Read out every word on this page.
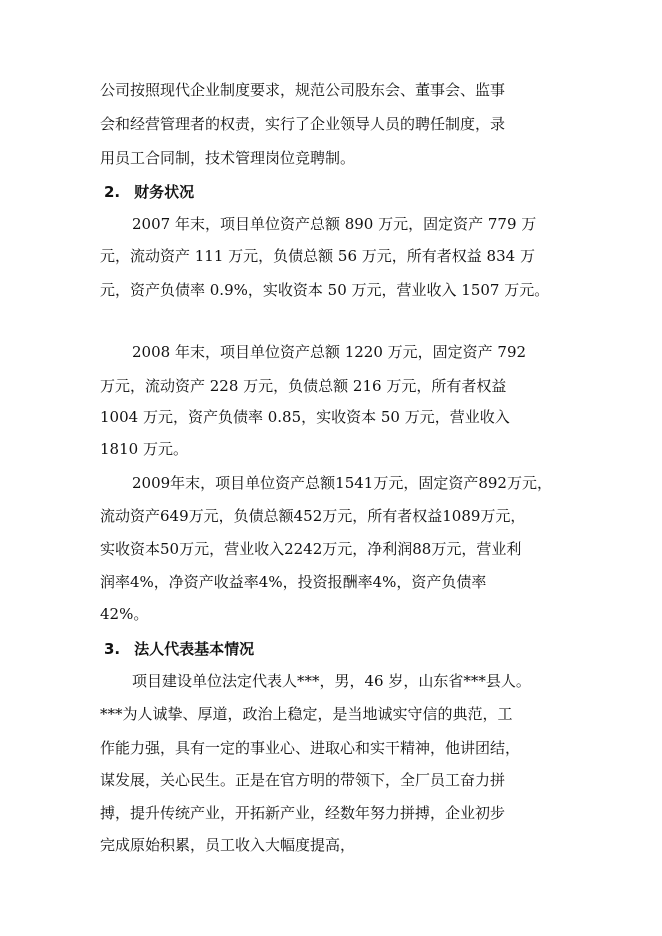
公司按照现代企业制度要求，规范公司股东会、董事会、监事
会和经营管理者的权责，实行了企业领导人员的聘任制度，录
用员工合同制，技术管理岗位竞聘制。
2. 财务状况
2007 年末，项目单位资产总额 890 万元，固定资产 779 万
元，流动资产 111 万元，负债总额 56 万元，所有者权益 834 万
元，资产负债率 0.9%，实收资本 50 万元，营业收入 1507 万元。
2008 年末，项目单位资产总额 1220 万元，固定资产 792
万元，流动资产 228 万元，负债总额 216 万元，所有者权益
1004 万元，资产负债率 0.85，实收资本 50 万元，营业收入
1810 万元。
2009年末，项目单位资产总额1541万元，固定资产892万元，
流动资产649万元，负债总额452万元，所有者权益1089万元，
实收资本50万元，营业收入2242万元，净利润88万元，营业利
润率4%，净资产收益率4%，投资报酬率4%，资产负债率
42%。
3. 法人代表基本情况
项目建设单位法定代表人***，男，46 岁，山东省***县人。
***为人诚挚、厚道，政治上稳定，是当地诚实守信的典范，工
作能力强，具有一定的事业心、进取心和实干精神，他讲团结，
谋发展，关心民生。正是在官方明的带领下，全厂员工奋力拼
搏，提升传统产业，开拓新产业，经数年努力拼搏，企业初步
完成原始积累，员工收入大幅度提高，
